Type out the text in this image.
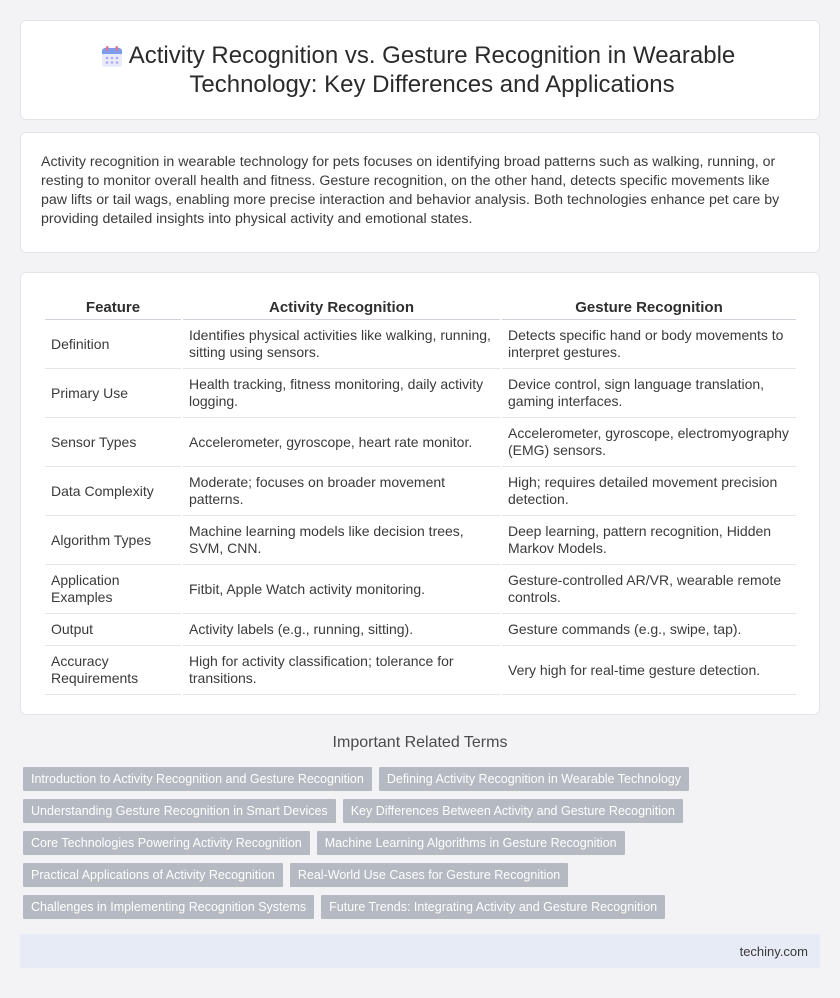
Activity Recognition vs. Gesture Recognition in Wearable Technology: Key Differences and Applications

Activity recognition in wearable technology for pets focuses on identifying broad patterns such as walking, running, or resting to monitor overall health and fitness. Gesture recognition, on the other hand, detects specific movements like paw lifts or tail wags, enabling more precise interaction and behavior analysis. Both technologies enhance pet care by providing detailed insights into physical activity and emotional states.

Feature	Activity Recognition	Gesture Recognition
Definition	Identifies physical activities like walking, running, sitting using sensors.	Detects specific hand or body movements to interpret gestures.
Primary Use	Health tracking, fitness monitoring, daily activity logging.	Device control, sign language translation, gaming interfaces.
Sensor Types	Accelerometer, gyroscope, heart rate monitor.	Accelerometer, gyroscope, electromyography (EMG) sensors.
Data Complexity	Moderate; focuses on broader movement patterns.	High; requires detailed movement precision detection.
Algorithm Types	Machine learning models like decision trees, SVM, CNN.	Deep learning, pattern recognition, Hidden Markov Models.
Application Examples	Fitbit, Apple Watch activity monitoring.	Gesture-controlled AR/VR, wearable remote controls.
Output	Activity labels (e.g., running, sitting).	Gesture commands (e.g., swipe, tap).
Accuracy Requirements	High for activity classification; tolerance for transitions.	Very high for real-time gesture detection.
Important Related Terms
Introduction to Activity Recognition and Gesture Recognition	Defining Activity Recognition in Wearable Technology
Understanding Gesture Recognition in Smart Devices	Key Differences Between Activity and Gesture Recognition
Core Technologies Powering Activity Recognition	Machine Learning Algorithms in Gesture Recognition
Practical Applications of Activity Recognition	Real-World Use Cases for Gesture Recognition
Challenges in Implementing Recognition Systems	Future Trends: Integrating Activity and Gesture Recognition
techiny.com
